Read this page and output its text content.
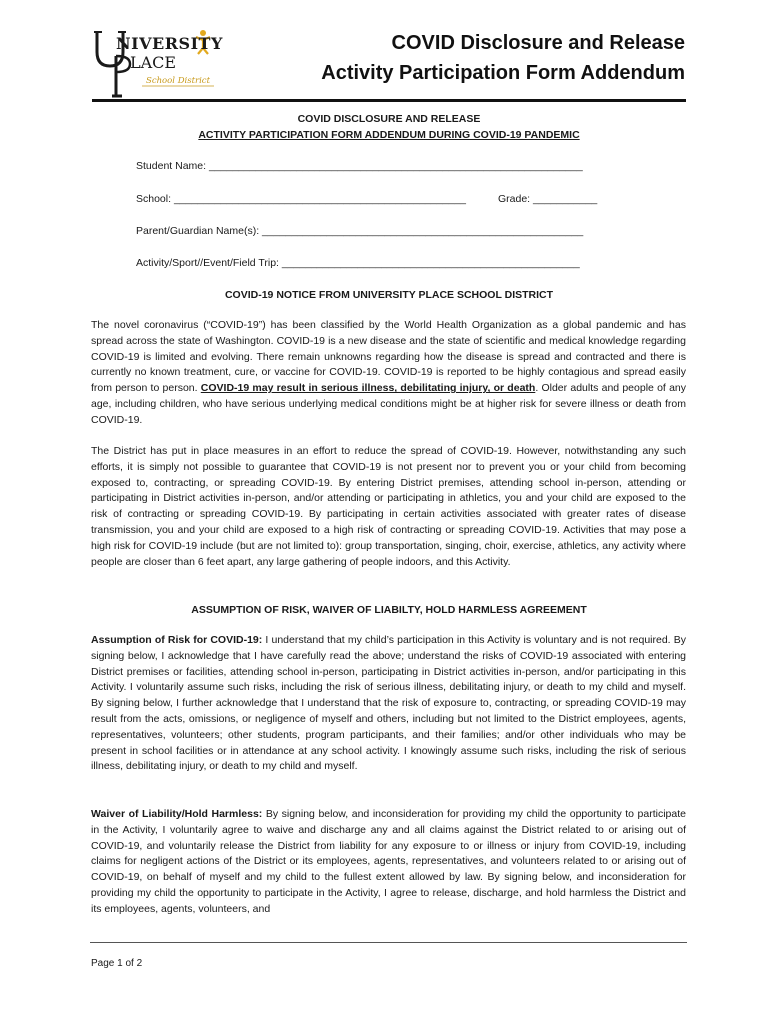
NIVERSITY
LACE
School District
COVID Disclosure and Release
Activity Participation Form Addendum
COVID DISCLOSURE AND RELEASE
ACTIVITY PARTICIPATION FORM ADDENDUM DURING COVID-19 PANDEMIC
Student Name: ________________________________________________________________
School: __________________________________________________	Grade: ___________
Parent/Guardian Name(s): _______________________________________________________
Activity/Sport//Event/Field Trip: ___________________________________________________
COVID-19 NOTICE FROM UNIVERSITY PLACE SCHOOL DISTRICT
The novel coronavirus (“COVID-19”) has been classified by the World Health Organization as a global pandemic and has spread across the state of Washington. COVID-19 is a new disease and the state of scientific and medical knowledge regarding COVID-19 is limited and evolving. There remain unknowns regarding how the disease is spread and contracted and there is currently no known treatment, cure, or vaccine for COVID-19. COVID-19 is reported to be highly contagious and spread easily from person to person. COVID-19 may result in serious illness, debilitating injury, or death. Older adults and people of any age, including children, who have serious underlying medical conditions might be at higher risk for severe illness or death from COVID-19.
The District has put in place measures in an effort to reduce the spread of COVID-19. However, notwithstanding any such efforts, it is simply not possible to guarantee that COVID-19 is not present nor to prevent you or your child from becoming exposed to, contracting, or spreading COVID-19. By entering District premises, attending school in-person, attending or participating in District activities in-person, and/or attending or participating in athletics, you and your child are exposed to the risk of contracting or spreading COVID-19. By participating in certain activities associated with greater rates of disease transmission, you and your child are exposed to a high risk of contracting or spreading COVID-19. Activities that may pose a high risk for COVID-19 include (but are not limited to): group transportation, singing, choir, exercise, athletics, any activity where people are closer than 6 feet apart, any large gathering of people indoors, and this Activity.
ASSUMPTION OF RISK, WAIVER OF LIABILTY, HOLD HARMLESS AGREEMENT
Assumption of Risk for COVID-19: I understand that my child’s participation in this Activity is voluntary and is not required. By signing below, I acknowledge that I have carefully read the above; understand the risks of COVID-19 associated with entering District premises or facilities, attending school in-person, participating in District activities in-person, and/or participating in this Activity. I voluntarily assume such risks, including the risk of serious illness, debilitating injury, or death to my child and myself. By signing below, I further acknowledge that I understand that the risk of exposure to, contracting, or spreading COVID-19 may result from the acts, omissions, or negligence of myself and others, including but not limited to the District employees, agents, representatives, volunteers; other students, program participants, and their families; and/or other individuals who may be present in school facilities or in attendance at any school activity. I knowingly assume such risks, including the risk of serious illness, debilitating injury, or death to my child and myself.
Waiver of Liability/Hold Harmless: By signing below, and inconsideration for providing my child the opportunity to participate in the Activity, I voluntarily agree to waive and discharge any and all claims against the District related to or arising out of COVID-19, and voluntarily release the District from liability for any exposure to or illness or injury from COVID-19, including claims for negligent actions of the District or its employees, agents, representatives, and volunteers related to or arising out of COVID-19, on behalf of myself and my child to the fullest extent allowed by law. By signing below, and inconsideration for providing my child the opportunity to participate in the Activity, I agree to release, discharge, and hold harmless the District and its employees, agents, volunteers, and
Page 1 of 2
